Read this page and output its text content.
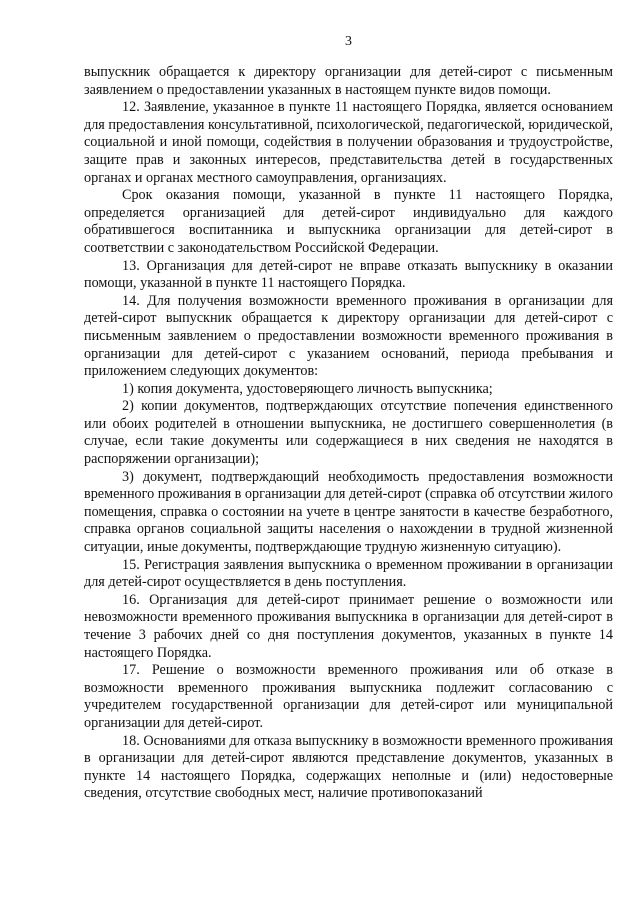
3

выпускник обращается к директору организации для детей-сирот с письменным заявлением о предоставлении указанных в настоящем пункте видов помощи.

12. Заявление, указанное в пункте 11 настоящего Порядка, является основанием для предоставления консультативной, психологической, педагогической, юридической, социальной и иной помощи, содействия в получении образования и трудоустройстве, защите прав и законных интересов, представительства детей в государственных органах и органах местного самоуправления, организациях.

Срок оказания помощи, указанной в пункте 11 настоящего Порядка, определяется организацией для детей-сирот индивидуально для каждого обратившегося воспитанника и выпускника организации для детей-сирот в соответствии с законодательством Российской Федерации.

13. Организация для детей-сирот не вправе отказать выпускнику в оказании помощи, указанной в пункте 11 настоящего Порядка.

14. Для получения возможности временного проживания в организации для детей-сирот выпускник обращается к директору организации для детей-сирот с письменным заявлением о предоставлении возможности временного проживания в организации для детей-сирот с указанием оснований, периода пребывания и приложением следующих документов:

1) копия документа, удостоверяющего личность выпускника;

2) копии документов, подтверждающих отсутствие попечения единственного или обоих родителей в отношении выпускника, не достигшего совершеннолетия (в случае, если такие документы или содержащиеся в них сведения не находятся в распоряжении организации);

3) документ, подтверждающий необходимость предоставления возможности временного проживания в организации для детей-сирот (справка об отсутствии жилого помещения, справка о состоянии на учете в центре занятости в качестве безработного, справка органов социальной защиты населения о нахождении в трудной жизненной ситуации, иные документы, подтверждающие трудную жизненную ситуацию).

15. Регистрация заявления выпускника о временном проживании в организации для детей-сирот осуществляется в день поступления.

16. Организация для детей-сирот принимает решение о возможности или невозможности временного проживания выпускника в организации для детей-сирот в течение 3 рабочих дней со дня поступления документов, указанных в пункте 14 настоящего Порядка.

17. Решение о возможности временного проживания или об отказе в возможности временного проживания выпускника подлежит согласованию с учредителем государственной организации для детей-сирот или муниципальной организации для детей-сирот.

18. Основаниями для отказа выпускнику в возможности временного проживания в организации для детей-сирот являются представление документов, указанных в пункте 14 настоящего Порядка, содержащих неполные и (или) недостоверные сведения, отсутствие свободных мест, наличие противопоказаний
